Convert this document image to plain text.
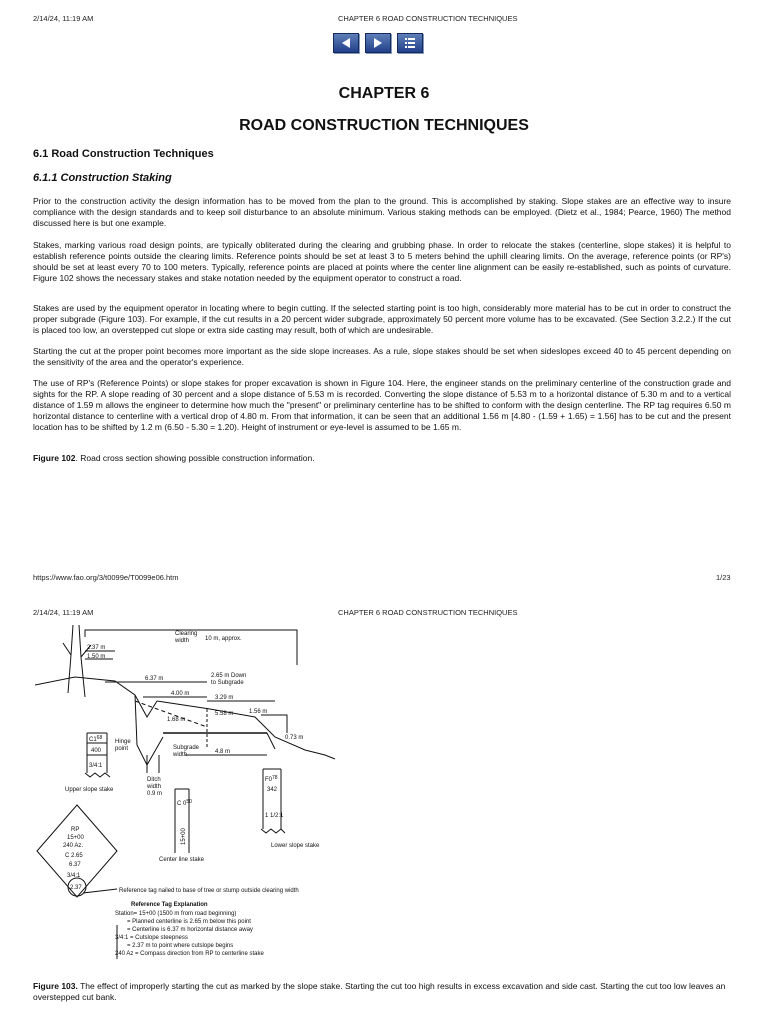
2/14/24, 11:19 AM	CHAPTER 6 ROAD CONSTRUCTION TECHNIQUES
CHAPTER 6
ROAD CONSTRUCTION TECHNIQUES
6.1 Road Construction Techniques
6.1.1 Construction Staking
Prior to the construction activity the design information has to be moved from the plan to the ground. This is accomplished by staking. Slope stakes are an effective way to insure compliance with the design standards and to keep soil disturbance to an absolute minimum. Various staking methods can be employed. (Dietz et al., 1984; Pearce, 1960) The method discussed here is but one example.
Stakes, marking various road design points, are typically obliterated during the clearing and grubbing phase. In order to relocate the stakes (centerline, slope stakes) it is helpful to establish reference points outside the clearing limits. Reference points should be set at least 3 to 5 meters behind the uphill clearing limits. On the average, reference points (or RP's) should be set at least every 70 to 100 meters. Typically, reference points are placed at points where the center line alignment can be easily re-established, such as points of curvature. Figure 102 shows the necessary stakes and stake notation needed by the equipment operator to construct a road.
Stakes are used by the equipment operator in locating where to begin cutting. If the selected starting point is too high, considerably more material has to be cut in order to construct the proper subgrade (Figure 103). For example, if the cut results in a 20 percent wider subgrade, approximately 50 percent more volume has to be excavated. (See Section 3.2.2.) If the cut is placed too low, an overstepped cut slope or extra side casting may result, both of which are undesirable.
Starting the cut at the proper point becomes more important as the side slope increases. As a rule, slope stakes should be set when sideslopes exceed 40 to 45 percent depending on the sensitivity of the area and the operator's experience.
The use of RP's (Reference Points) or slope stakes for proper excavation is shown in Figure 104. Here, the engineer stands on the preliminary centerline of the construction grade and sights for the RP. A slope reading of 30 percent and a slope distance of 5.53 m is recorded. Converting the slope distance of 5.53 m to a horizontal distance of 5.30 m and to a vertical distance of 1.59 m allows the engineer to determine how much the "present" or preliminary centerline has to be shifted to conform with the design centerline. The RP tag requires 6.50 m horizontal distance to centerline with a vertical drop of 4.80 m. From that information, it can be seen that an additional 1.56 m [4.80 - (1.59 + 1.65) = 1.56] has to be cut and the present location has to be shifted by 1.2 m (6.50 - 5.30 = 1.20). Height of instrument or eye-level is assumed to be 1.65 m.
Figure 102. Road cross section showing possible construction information.
https://www.fao.org/3/t0099e/T0099e06.htm	1/23
2/14/24, 11:19 AM	CHAPTER 6 ROAD CONSTRUCTION TECHNIQUES
Clearing width	10 m, approx.
2.37 m
1.50 m
6.37 m	2.65 m Down to Subgrade
4.00 m
3.29 m
5.58 m	1.56 m
1.68 m
0.73 m
4.8 m
$C1^{68}$
400
3/4:1
Hinge point	Subgrade width
Ditch width 0.9 m
Upper slope stake
C $0^{50}$
15+00
Center line stake
$F0^{78}$
342
1 1/2:1
Lower slope stake
RP
15+00
240 Az.
C 2.65
6.37
3/4:1
2.37	Reference tag nailed to base of tree or stump outside clearing width
Reference Tag Explanation
Station= 15+00 (1500 m from road beginning)
= Planned centerline is 2.65 m below this point
= Centerline is 6.37 m horizontal distance away
3/4:1 = Cutslope steepness
= 2.37 m to point where cutslope begins
240 Az = Compass direction from RP to centerline stake
Figure 103. The effect of improperly starting the cut as marked by the slope stake. Starting the cut too high results in excess excavation and side cast. Starting the cut too low leaves an overstepped cut bank.
